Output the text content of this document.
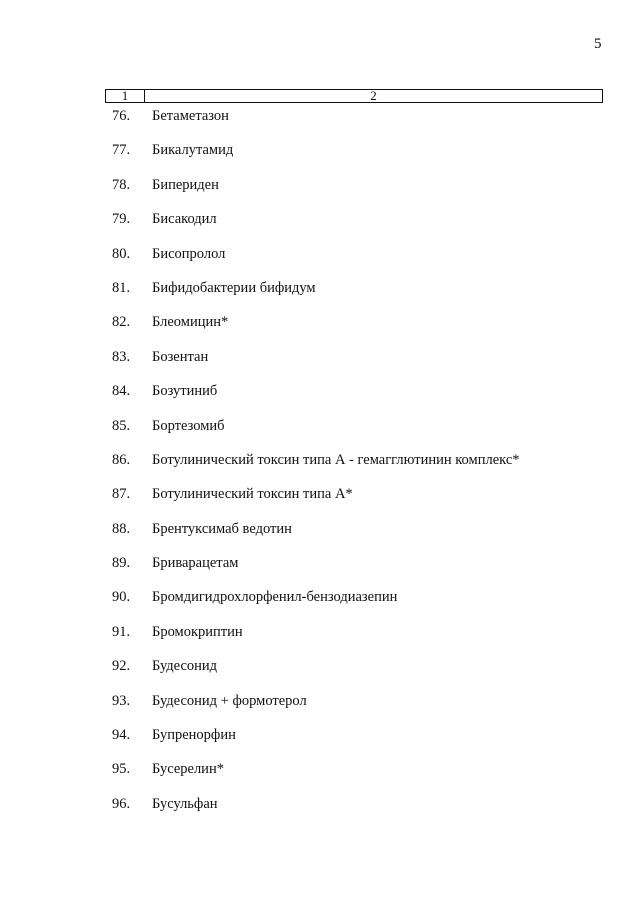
5
1	2
76.	Бетаметазон
77.	Бикалутамид
78.	Бипериден
79.	Бисакодил
80.	Бисопролол
81.	Бифидобактерии бифидум
82.	Блеомицин*
83.	Бозентан
84.	Бозутиниб
85.	Бортезомиб
86.	Ботулинический токсин типа А - гемагглютинин комплекс*
87.	Ботулинический токсин типа А*
88.	Брентуксимаб ведотин
89.	Бриварацетам
90.	Бромдигидрохлорфенил-бензодиазепин
91.	Бромокриптин
92.	Будесонид
93.	Будесонид + формотерол
94.	Бупренорфин
95.	Бусерелин*
96.	Бусульфан
